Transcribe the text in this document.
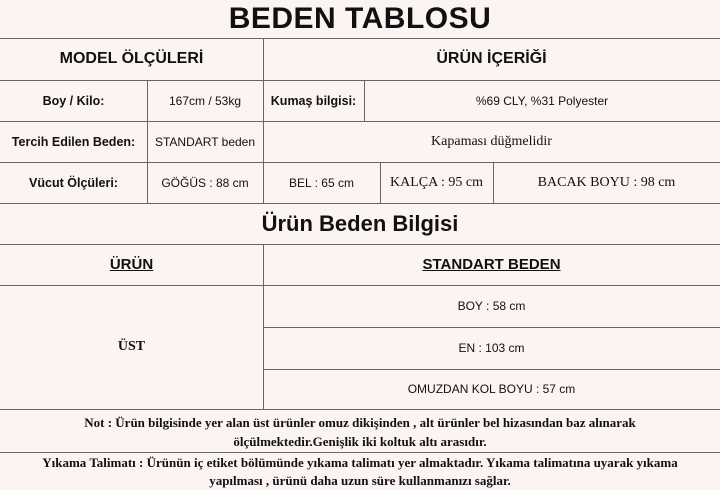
BEDEN TABLOSU
MODEL ÖLÇÜLERİ	ÜRÜN İÇERİĞİ
Boy / Kilo:	167cm / 53kg	Kumaş bilgisi:	%69 CLY, %31 Polyester
Tercih Edilen Beden:	STANDART beden	Kapaması düğmelidir
Vücut Ölçüleri:	GÖĞÜS : 88 cm	BEL : 65 cm	KALÇA : 95 cm	BACAK BOYU : 98 cm
Ürün Beden Bilgisi
ÜRÜN	STANDART BEDEN
ÜST
BOY : 58 cm
EN : 103 cm
OMUZDAN KOL BOYU : 57 cm
Not : Ürün bilgisinde yer alan üst ürünler omuz dikişinden , alt ürünler bel hizasından baz alınarak
ölçülmektedir.Genişlik iki koltuk altı arasıdır.
Yıkama Talimatı : Ürünün iç etiket bölümünde yıkama talimatı yer almaktadır. Yıkama talimatına uyarak yıkama
yapılması , ürünü daha uzun süre kullanmanızı sağlar.
